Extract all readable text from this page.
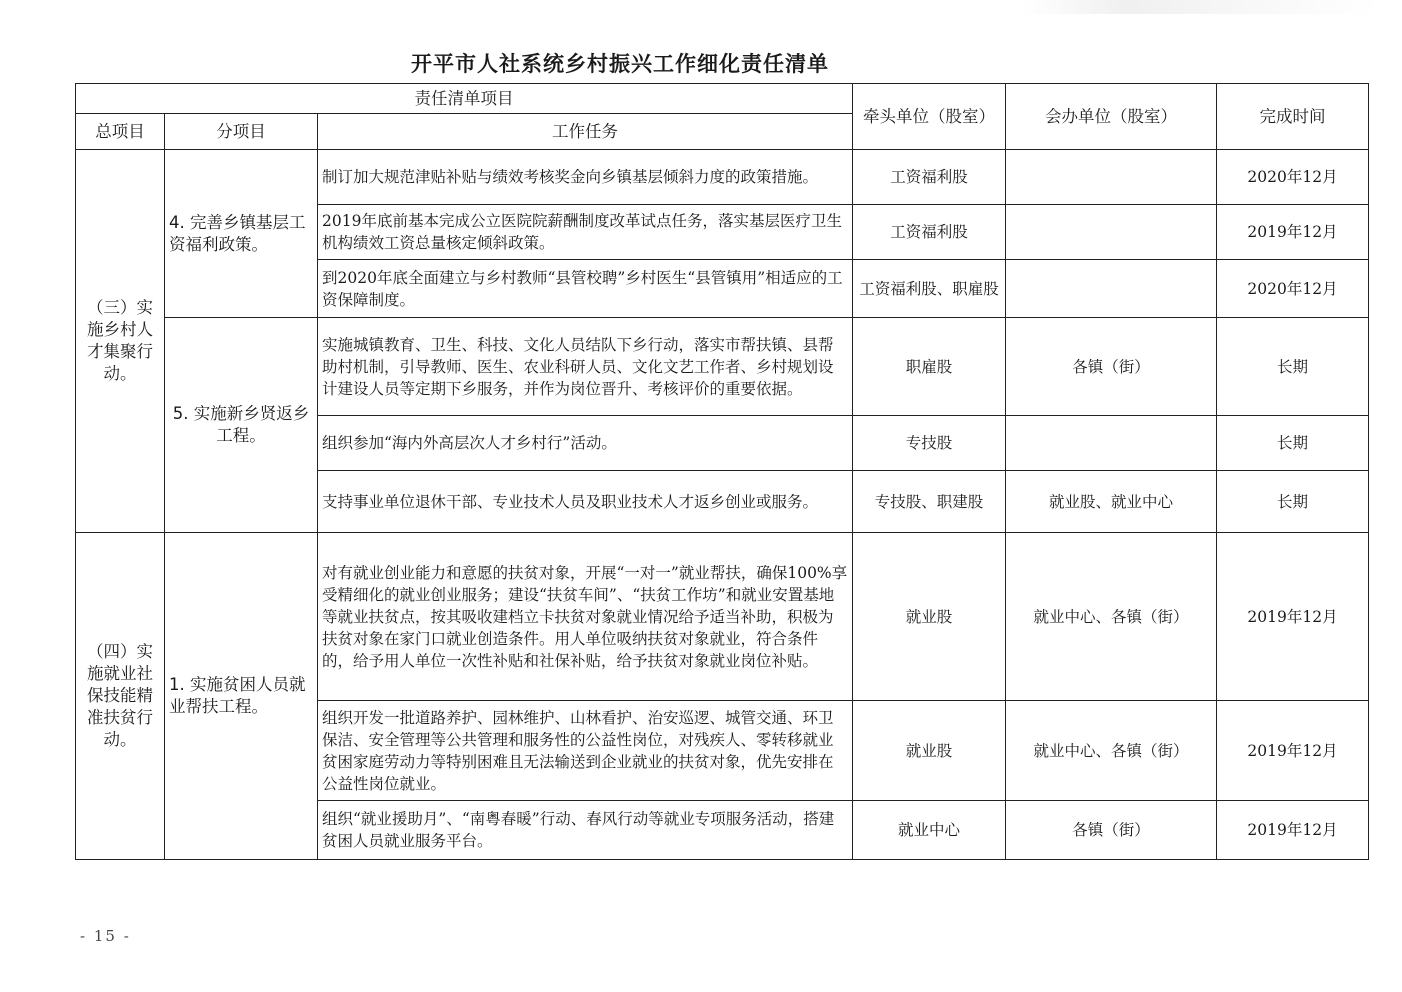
开平市人社系统乡村振兴工作细化责任清单
责任清单项目			牵头单位（股室）	会办单位（股室）	完成时间
总项目	分项目	工作任务			
（三）实施乡村人才集聚行动。	4. 完善乡镇基层工资福利政策。	制订加大规范津贴补贴与绩效考核奖金向乡镇基层倾斜力度的政策措施。	工资福利股		2020年12月
		2019年底前基本完成公立医院院薪酬制度改革试点任务，落实基层医疗卫生机构绩效工资总量核定倾斜政策。	工资福利股		2019年12月
		到2020年底全面建立与乡村教师“县管校聘”乡村医生“县管镇用”相适应的工资保障制度。	工资福利股、职雇股		2020年12月
	5. 实施新乡贤返乡工程。	实施城镇教育、卫生、科技、文化人员结队下乡行动，落实市帮扶镇、县帮助村机制，引导教师、医生、农业科研人员、文化文艺工作者、乡村规划设计建设人员等定期下乡服务，并作为岗位晋升、考核评价的重要依据。	职雇股	各镇（街）	长期
		组织参加“海内外高层次人才乡村行”活动。	专技股		长期
		支持事业单位退休干部、专业技术人员及职业技术人才返乡创业或服务。	专技股、职建股	就业股、就业中心	长期
（四）实施就业社保技能精准扶贫行动。	1. 实施贫困人员就业帮扶工程。	对有就业创业能力和意愿的扶贫对象，开展“一对一”就业帮扶，确保100%享受精细化的就业创业服务；建设“扶贫车间”、“扶贫工作坊”和就业安置基地等就业扶贫点，按其吸收建档立卡扶贫对象就业情况给予适当补助，积极为扶贫对象在家门口就业创造条件。用人单位吸纳扶贫对象就业，符合条件的，给予用人单位一次性补贴和社保补贴，给予扶贫对象就业岗位补贴。	就业股	就业中心、各镇（街）	2019年12月
		组织开发一批道路养护、园林维护、山林看护、治安巡逻、城管交通、环卫保洁、安全管理等公共管理和服务性的公益性岗位，对残疾人、零转移就业贫困家庭劳动力等特别困难且无法输送到企业就业的扶贫对象，优先安排在公益性岗位就业。	就业股	就业中心、各镇（街）	2019年12月
		组织“就业援助月”、“南粤春暖”行动、春风行动等就业专项服务活动，搭建贫困人员就业服务平台。	就业中心	各镇（街）	2019年12月
- 15 -
